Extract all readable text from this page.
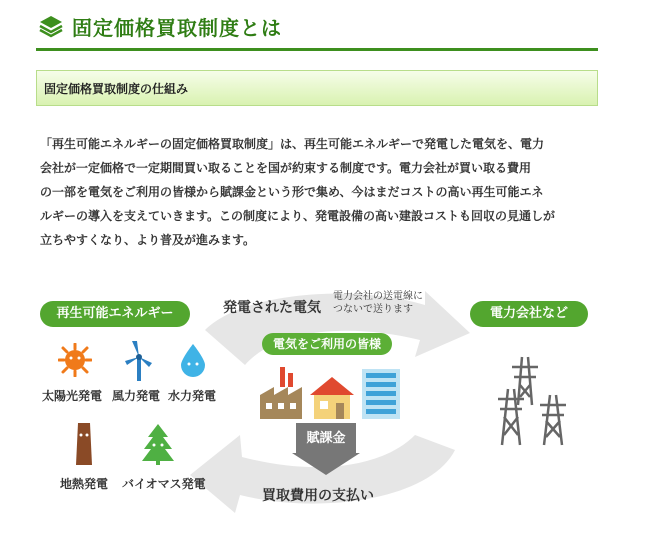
固定価格買取制度とは
固定価格買取制度の仕組み

「再生可能エネルギーの固定価格買取制度」は、再生可能エネルギーで発電した電気を、電力
会社が一定価格で一定期間買い取ることを国が約束する制度です。電力会社が買い取る費用
の一部を電気をご利用の皆様から賦課金という形で集め、今はまだコストの高い再生可能エネ
ルギーの導入を支えていきます。この制度により、発電設備の高い建設コストも回収の見通しが
立ちやすくなり、より普及が進みます。

再生可能エネルギー
太陽光発電 風力発電 水力発電
地熱発電 バイオマス発電
発電された電気
電力会社の送電線に
つないで送ります
電気をご利用の皆様
賦課金
買取費用の支払い
電力会社など
